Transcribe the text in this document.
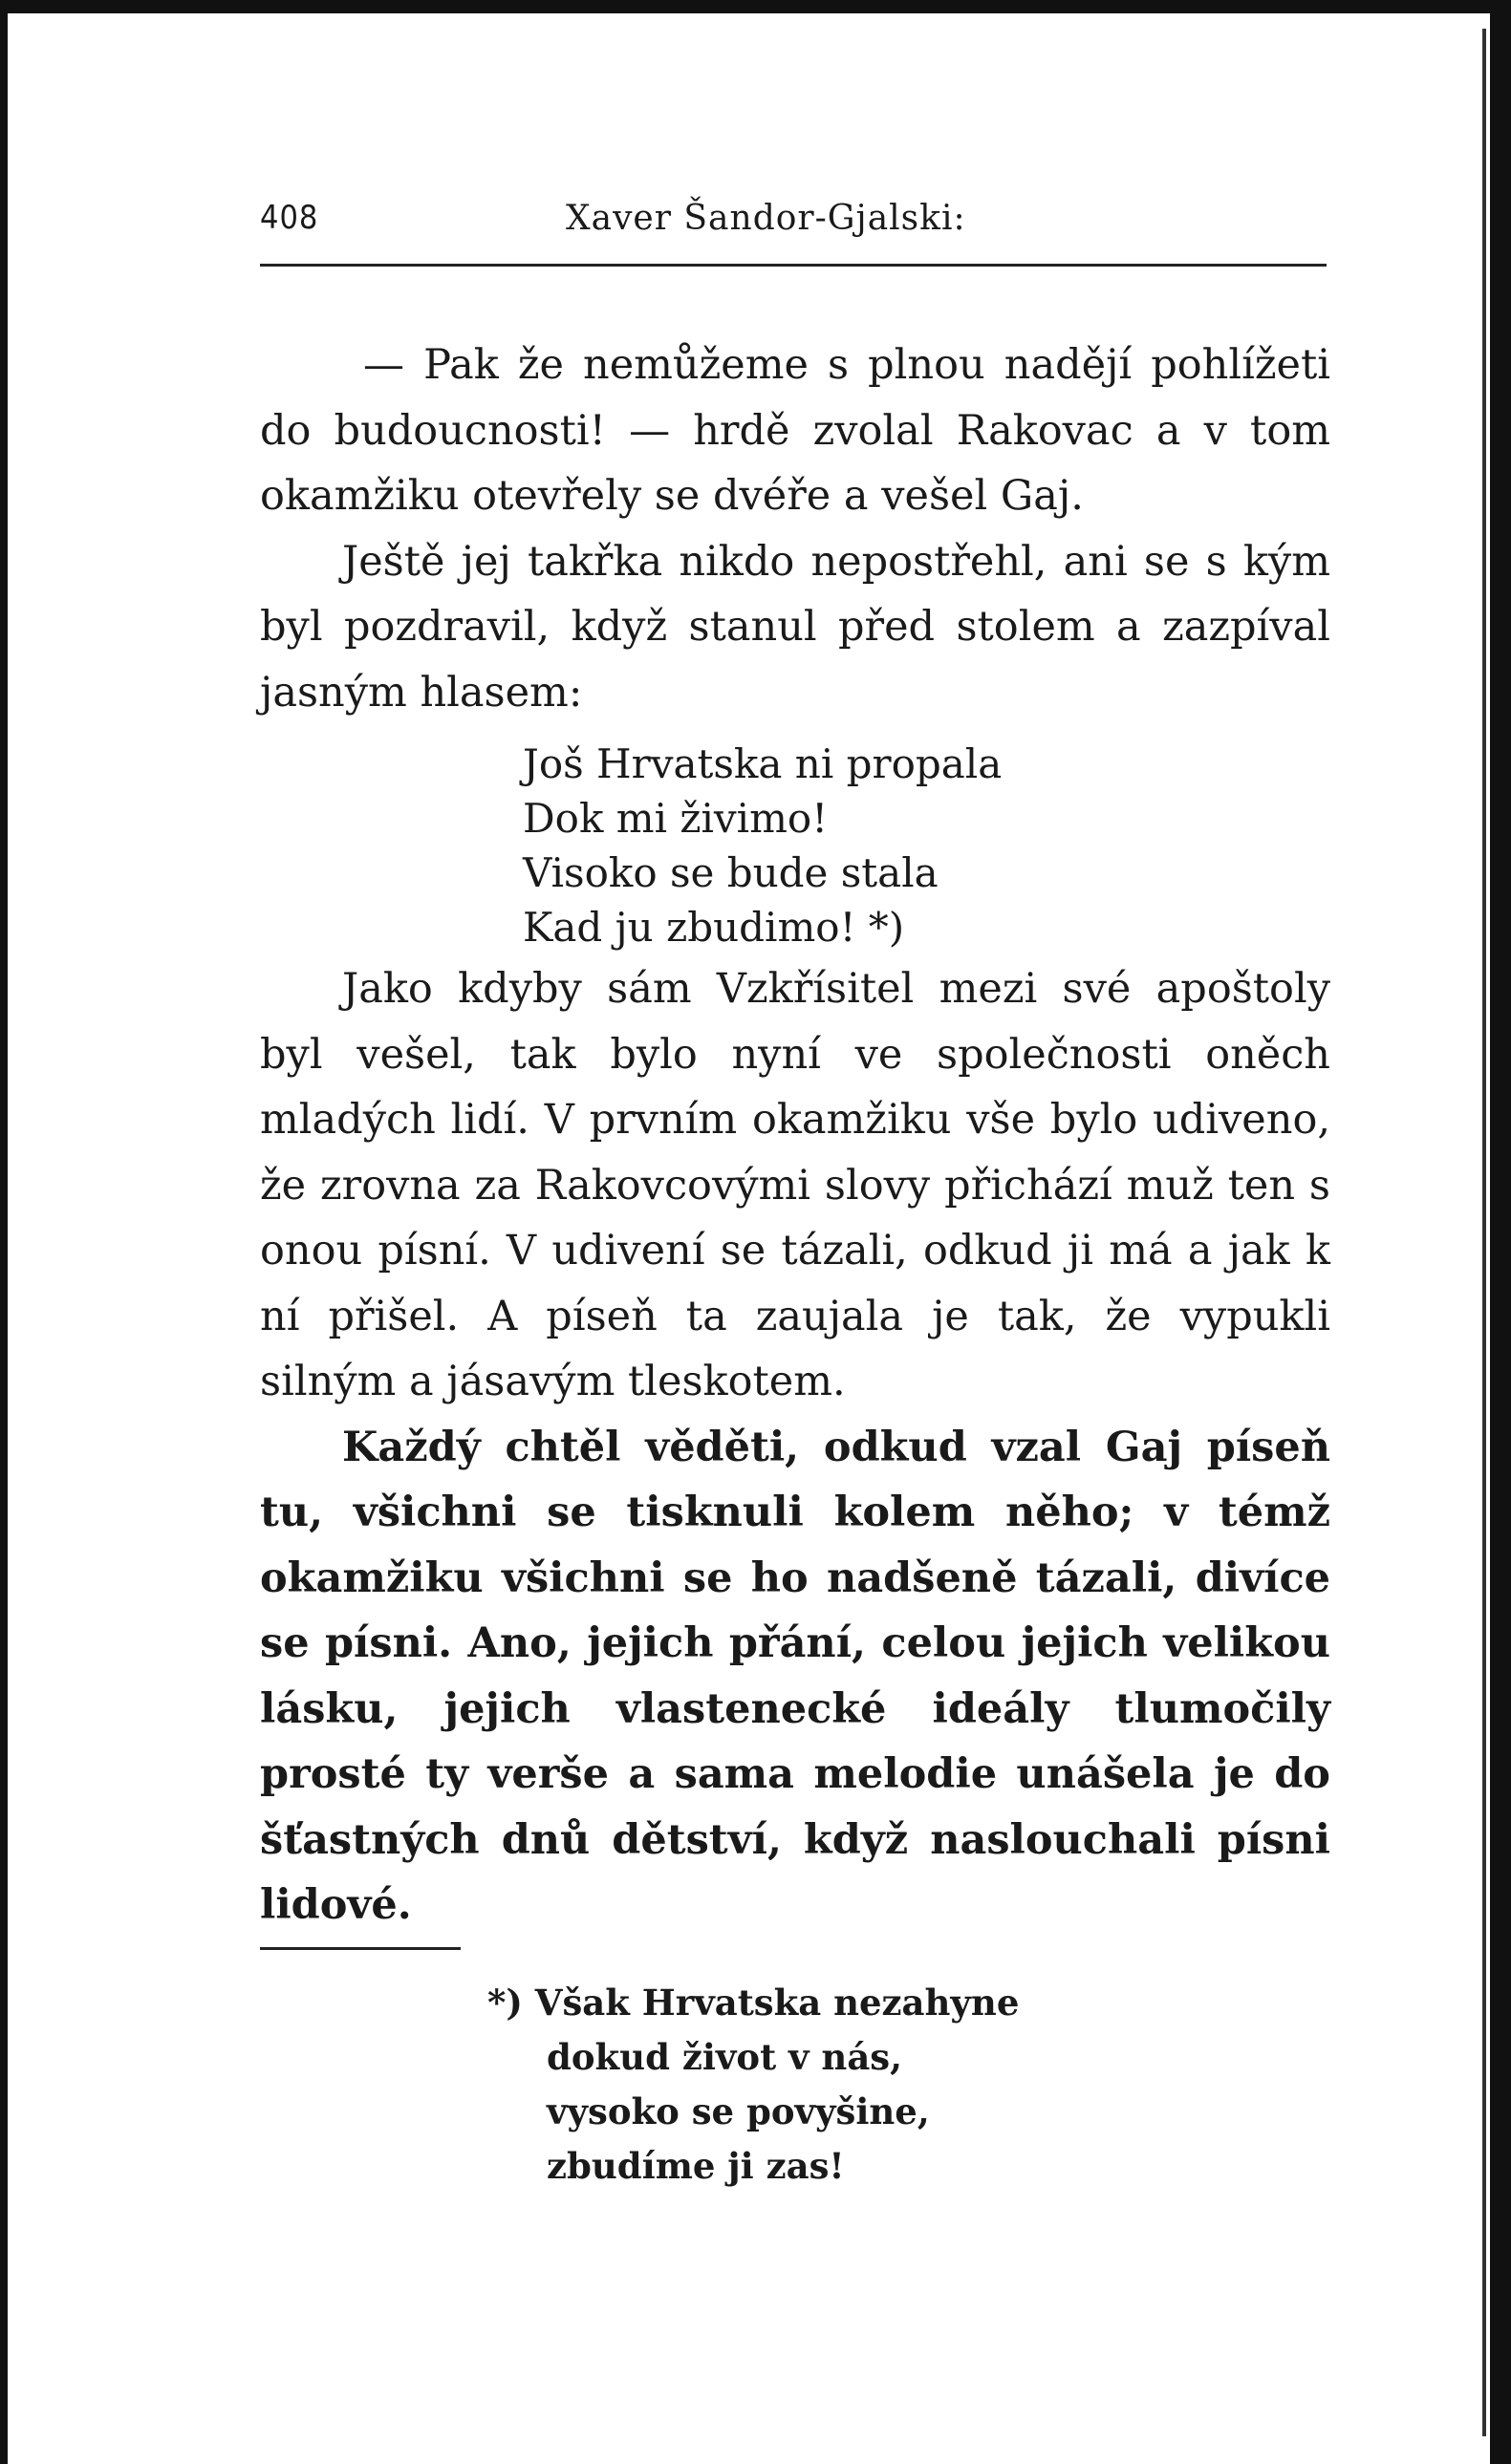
408	Xaver Šandor-Gjalski:

— Pak že nemůžeme s plnou nadějí pohlížeti do budoucnosti! — hrdě zvolal Rakovac a v tom okamžiku otevřely se dvéře a vešel Gaj.

Ještě jej takřka nikdo nepostřehl, ani se s kým byl pozdravil, když stanul před stolem a zazpíval jasným hlasem:

Još Hrvatska ni propala
Dok mi živimo!
Visoko se bude stala
Kad ju zbudimo! *)

Jako kdyby sám Vzkřísitel mezi své apoštoly byl vešel, tak bylo nyní ve společnosti oněch mladých lidí. V prvním okamžiku vše bylo udiveno, že zrovna za Rakovcovými slovy přichází muž ten s onou písní. V udivení se tázali, odkud ji má a jak k ní přišel. A píseň ta zaujala je tak, že vypukli silným a jásavým tleskotem.

Každý chtěl věděti, odkud vzal Gaj píseň tu, všichni se tisknuli kolem něho; v témž okamžiku všichni se ho nadšeně tázali, divíce se písni. Ano, jejich přání, celou jejich velikou lásku, jejich vlastenecké ideály tlumočily prosté ty verše a sama melodie unášela je do šťastných dnů dětství, když naslouchali písni lidové.

*) Však Hrvatska nezahyne
dokud život v nás,
vysoko se povyšine,
zbudíme ji zas!
